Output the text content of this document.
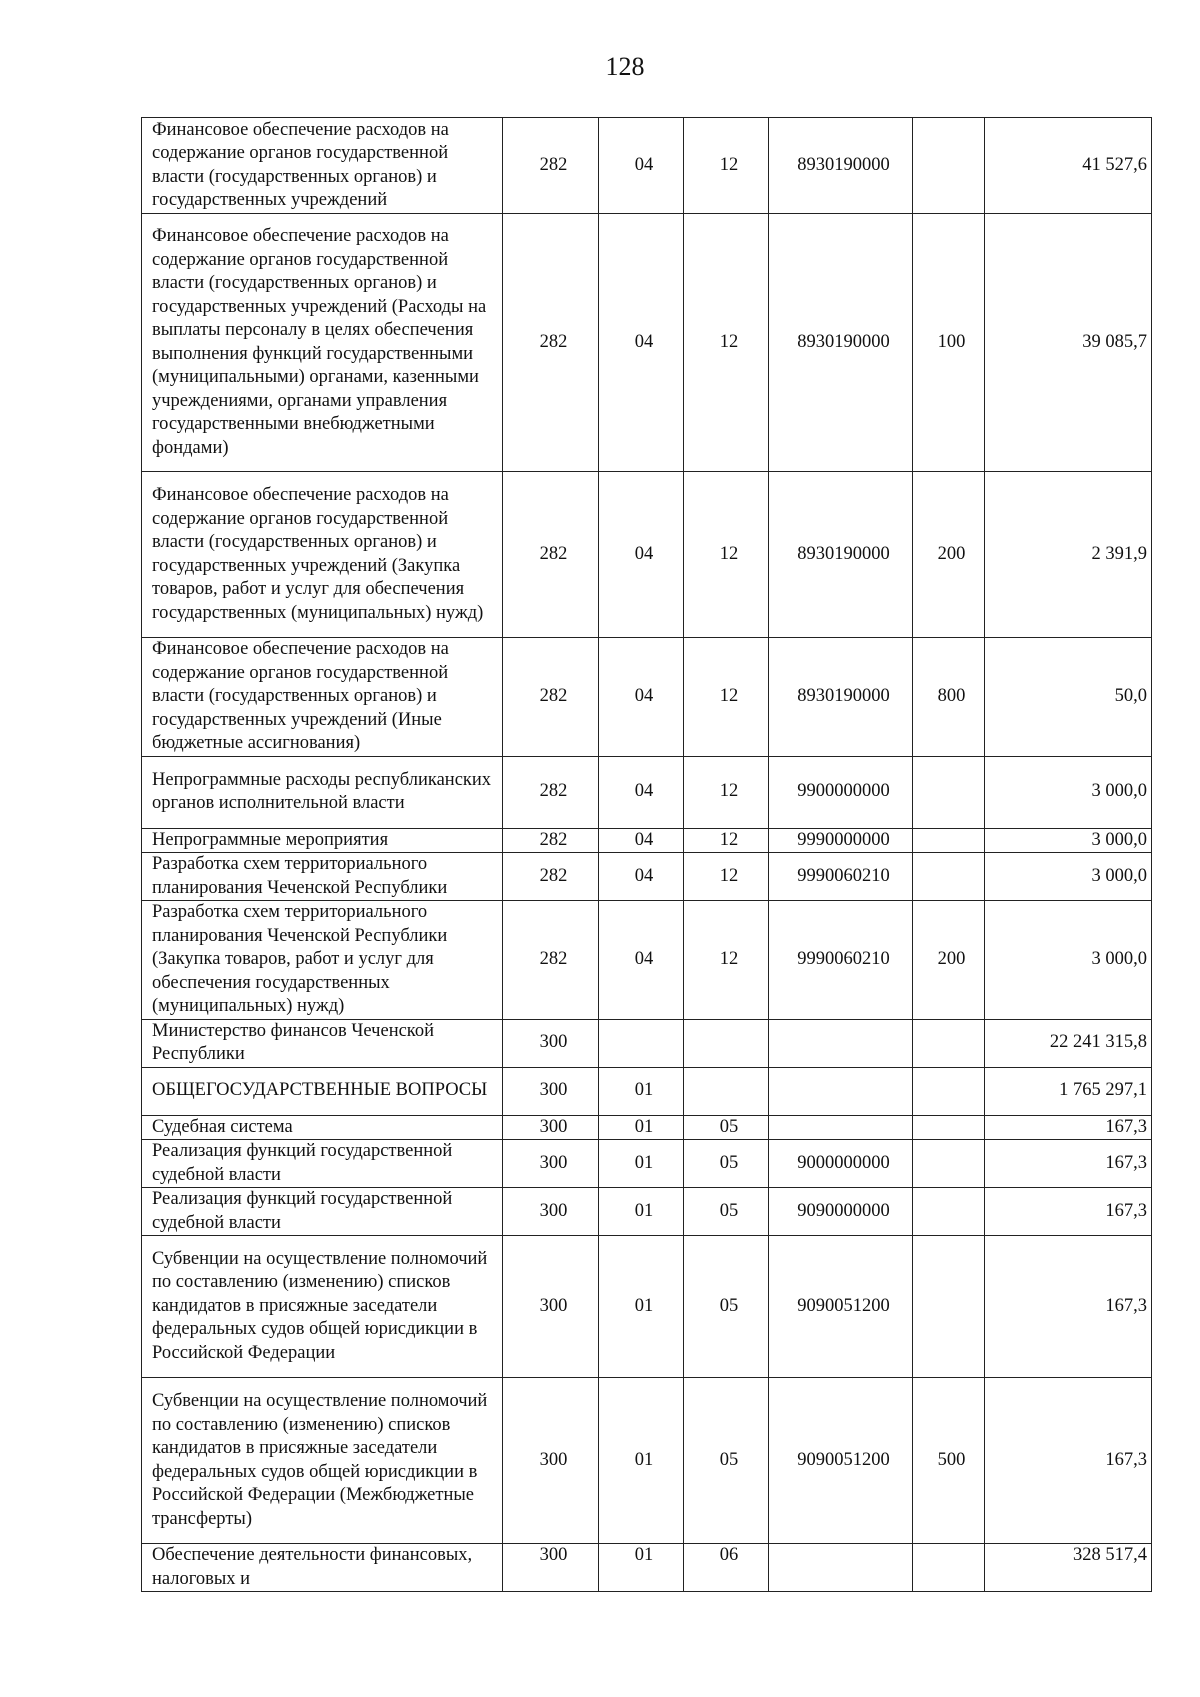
128
Финансовое обеспечение расходов на содержание органов государственной власти (государственных органов) и государственных учреждений	282	04	12	8930190000		41 527,6
Финансовое обеспечение расходов на содержание органов государственной власти (государственных органов) и государственных учреждений (Расходы на выплаты персоналу в целях обеспечения выполнения функций государственными (муниципальными) органами, казенными учреждениями, органами управления государственными внебюджетными фондами)	282	04	12	8930190000	100	39 085,7
Финансовое обеспечение расходов на содержание органов государственной власти (государственных органов) и государственных учреждений (Закупка товаров, работ и услуг для обеспечения государственных (муниципальных) нужд)	282	04	12	8930190000	200	2 391,9
Финансовое обеспечение расходов на содержание органов государственной власти (государственных органов) и государственных учреждений (Иные бюджетные ассигнования)	282	04	12	8930190000	800	50,0
Непрограммные расходы республиканских органов исполнительной власти	282	04	12	9900000000		3 000,0
Непрограммные мероприятия	282	04	12	9990000000		3 000,0
Разработка схем территориального планирования Чеченской Республики	282	04	12	9990060210		3 000,0
Разработка схем территориального планирования Чеченской Республики (Закупка товаров, работ и услуг для обеспечения государственных (муниципальных) нужд)	282	04	12	9990060210	200	3 000,0
Министерство финансов Чеченской Республики	300					22 241 315,8
ОБЩЕГОСУДАРСТВЕННЫЕ ВОПРОСЫ	300	01				1 765 297,1
Судебная система	300	01	05			167,3
Реализация функций государственной судебной власти	300	01	05	9000000000		167,3
Реализация функций государственной судебной власти	300	01	05	9090000000		167,3
Субвенции на осуществление полномочий по составлению (изменению) списков кандидатов в присяжные заседатели федеральных судов общей юрисдикции в Российской Федерации	300	01	05	9090051200		167,3
Субвенции на осуществление полномочий по составлению (изменению) списков кандидатов в присяжные заседатели федеральных судов общей юрисдикции в Российской Федерации (Межбюджетные трансферты)	300	01	05	9090051200	500	167,3
Обеспечение деятельности финансовых, налоговых и	300	01	06			328 517,4
